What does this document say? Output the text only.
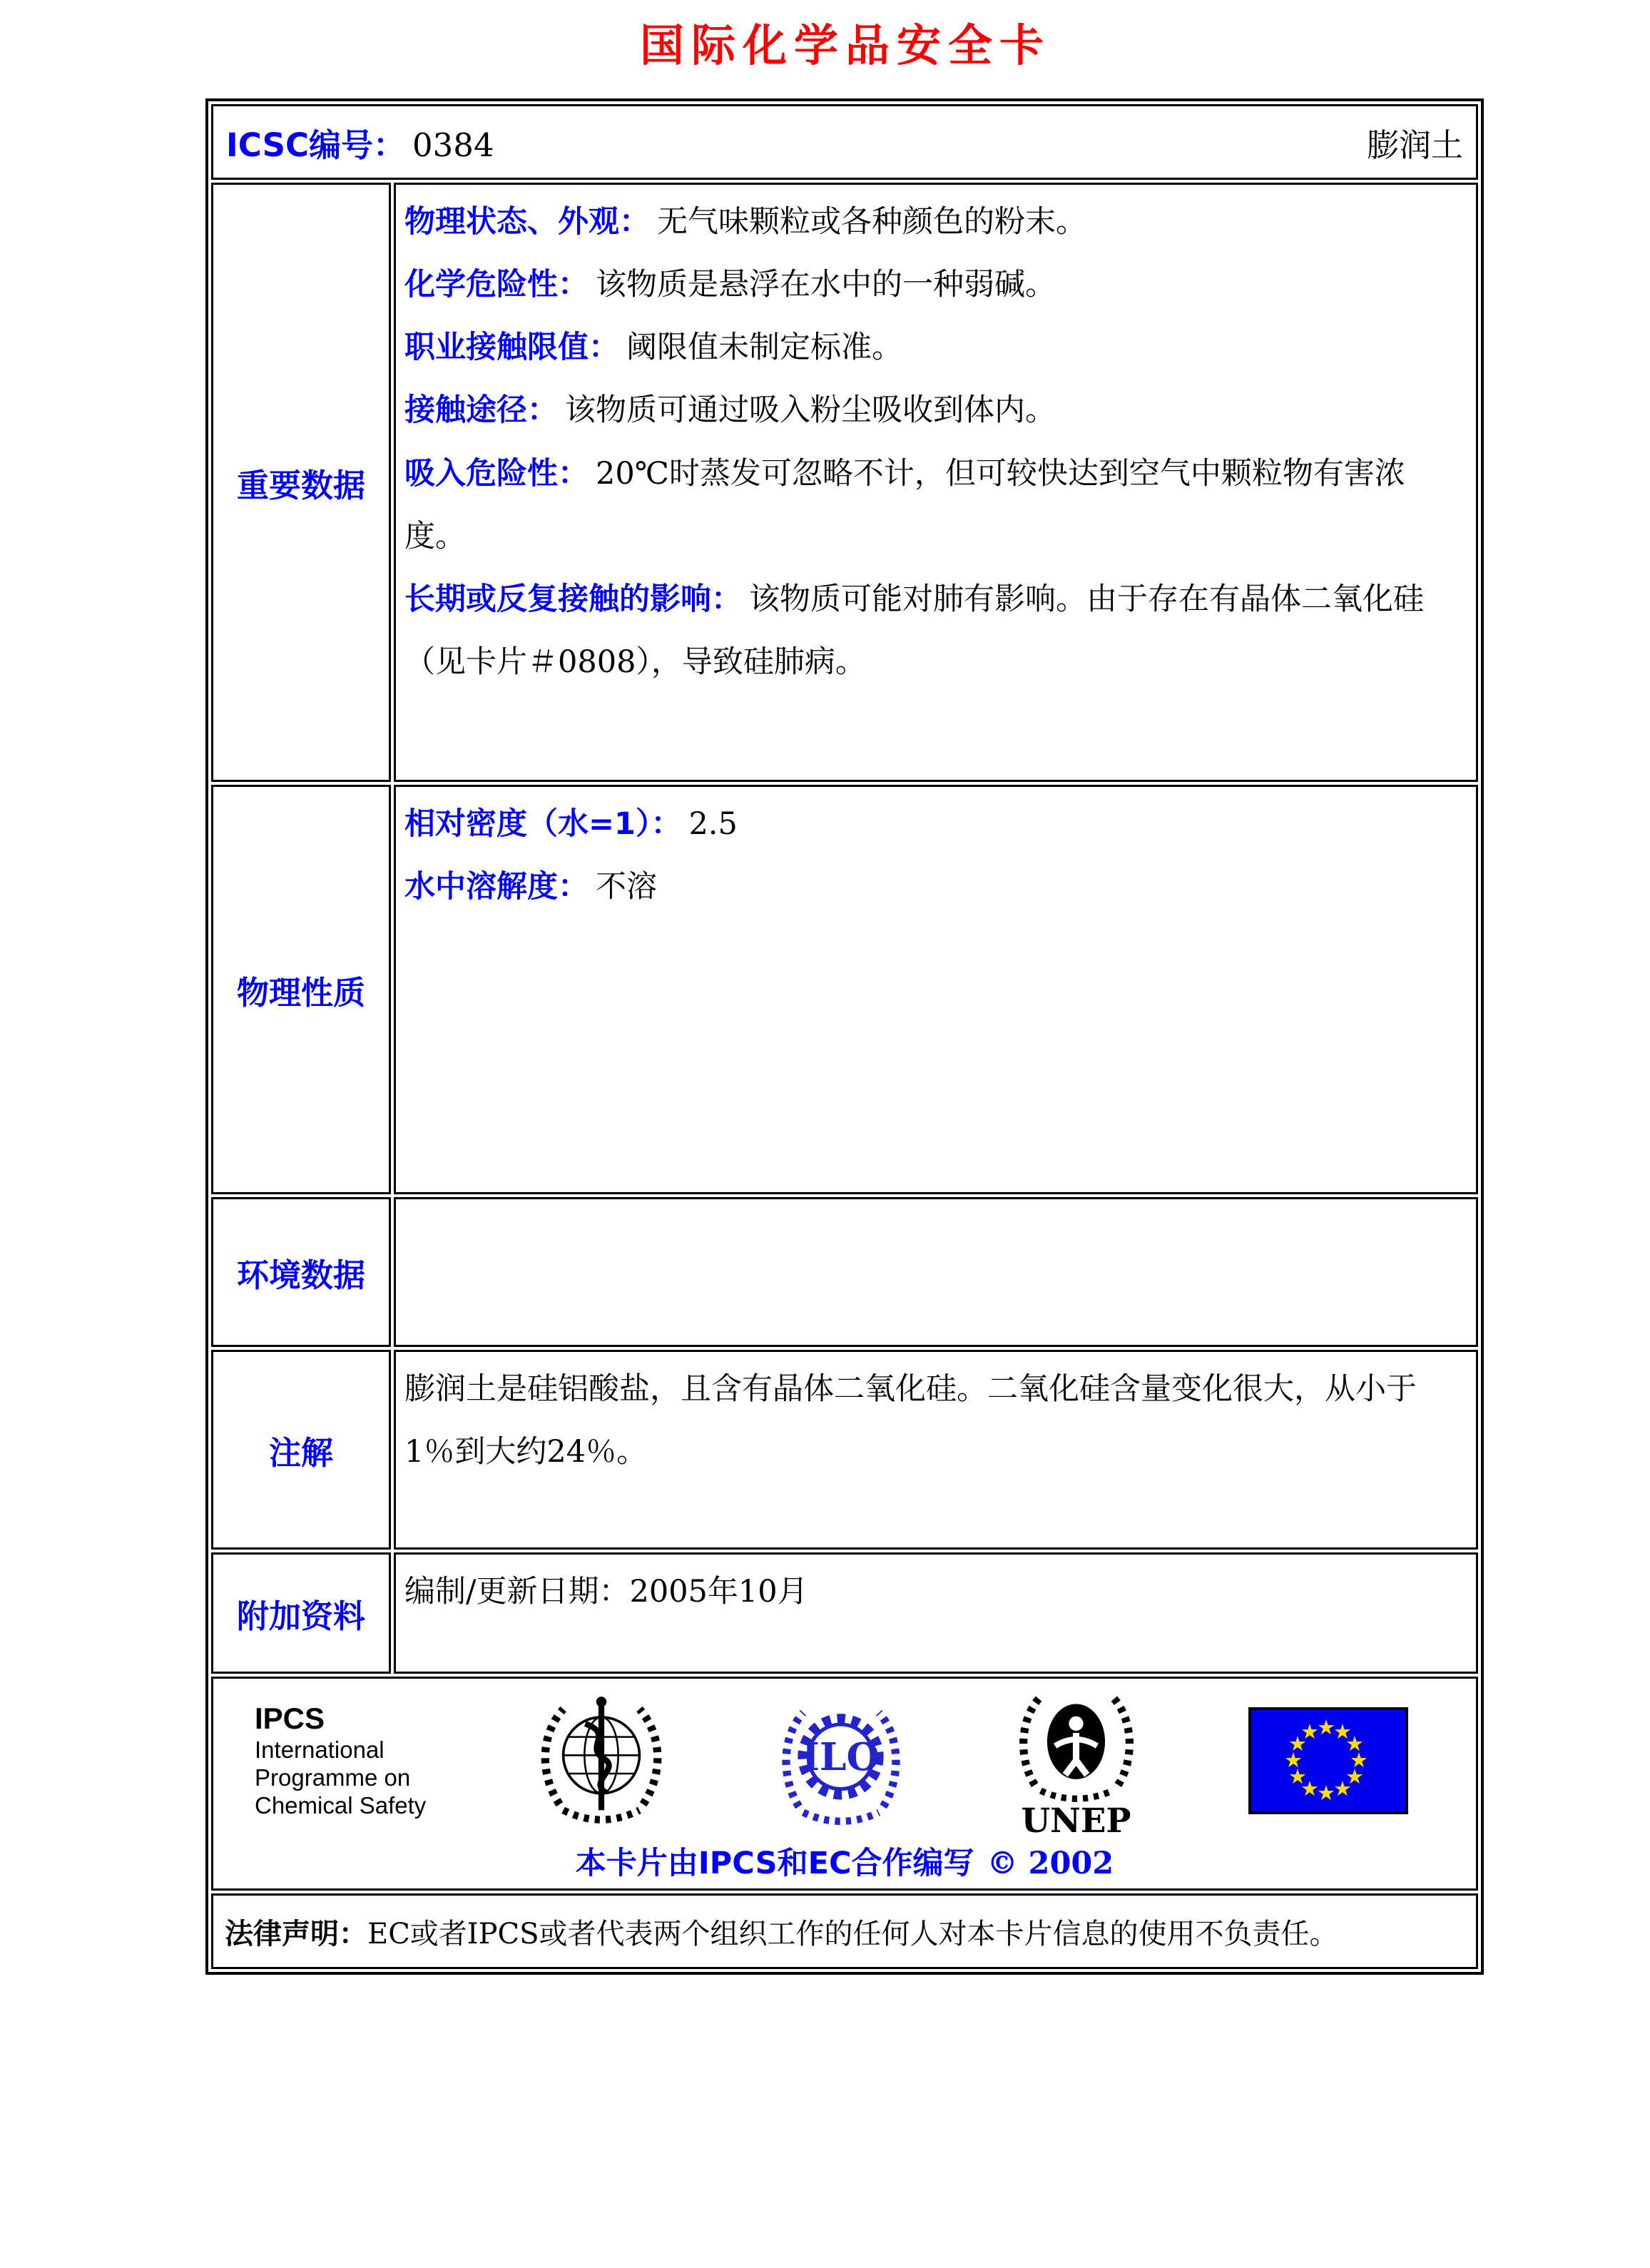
国际化学品安全卡
膨润土
ICSC编号： 0384	
重要数据	
物理状态、外观： 无气味颗粒或各种颜色的粉末。
化学危险性： 该物质是悬浮在水中的一种弱碱。
职业接触限值： 阈限值未制定标准。
接触途径： 该物质可通过吸入粉尘吸收到体内。
吸入危险性： 20℃时蒸发可忽略不计，但可较快达到空气中颗粒物有害浓度。
长期或反复接触的影响： 该物质可能对肺有影响。由于存在有晶体二氧化硅（见卡片＃0808），导致硅肺病。

物理性质	相对密度（水=1）： 2.5
水中溶解度： 不溶

环境数据	
注解	膨润土是硅铝酸盐，且含有晶体二氧化硅。二氧化硅含量变化很大，从小于1％到大约24％。
附加资料	编制/更新日期：2005年10月

IPCS
International
Programme on
Chemical Safety
ILO
UNEP
★
★
★
★
★
★
★
★
★
★
★
★
本卡片由IPCS和EC合作编写 © 2002

法律声明：EC或者IPCS或者代表两个组织工作的任何人对本卡片信息的使用不负责任。	
